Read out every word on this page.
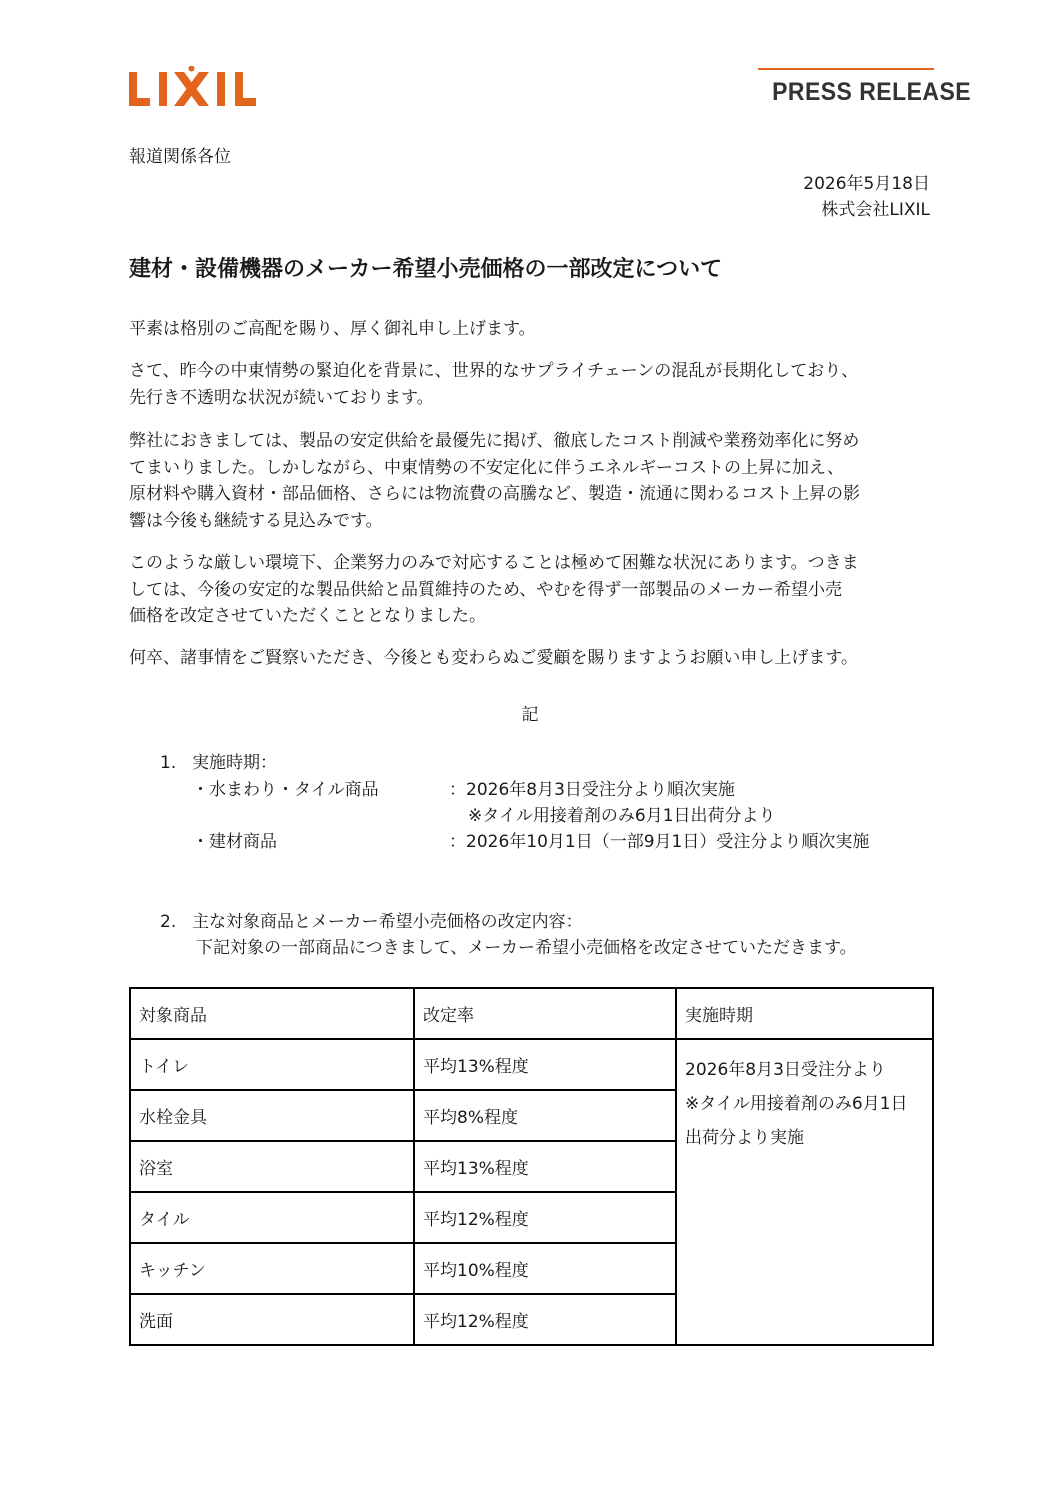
PRESS RELEASE
報道関係各位
2026年5月18日
株式会社LIXIL
建材・設備機器のメーカー希望小売価格の一部改定について
平素は格別のご高配を賜り、厚く御礼申し上げます。
さて、昨今の中東情勢の緊迫化を背景に、世界的なサプライチェーンの混乱が長期化しており、
先行き不透明な状況が続いております。
弊社におきましては、製品の安定供給を最優先に掲げ、徹底したコスト削減や業務効率化に努め
てまいりました。しかしながら、中東情勢の不安定化に伴うエネルギーコストの上昇に加え、
原材料や購入資材・部品価格、さらには物流費の高騰など、製造・流通に関わるコスト上昇の影
響は今後も継続する見込みです。
このような厳しい環境下、企業努力のみで対応することは極めて困難な状況にあります。つきま
しては、今後の安定的な製品供給と品質維持のため、やむを得ず一部製品のメーカー希望小売
価格を改定させていただくこととなりました。
何卒、諸事情をご賢察いただき、今後とも変わらぬご愛顧を賜りますようお願い申し上げます。
記
1. 実施時期：
・水まわり・タイル商品	：2026年8月3日受注分より順次実施
※タイル用接着剤のみ6月1日出荷分より
・建材商品	：2026年10月1日（一部9月1日）受注分より順次実施
2. 主な対象商品とメーカー希望小売価格の改定内容：
下記対象の一部商品につきまして、メーカー希望小売価格を改定させていただきます。
対象商品	改定率	実施時期
トイレ	平均13%程度	2026年8月3日受注分より
※タイル用接着剤のみ6月1日
出荷分より実施

水栓金具	平均8%程度	
浴室	平均13%程度	
タイル	平均12%程度	
キッチン	平均10%程度	
洗面	平均12%程度	
